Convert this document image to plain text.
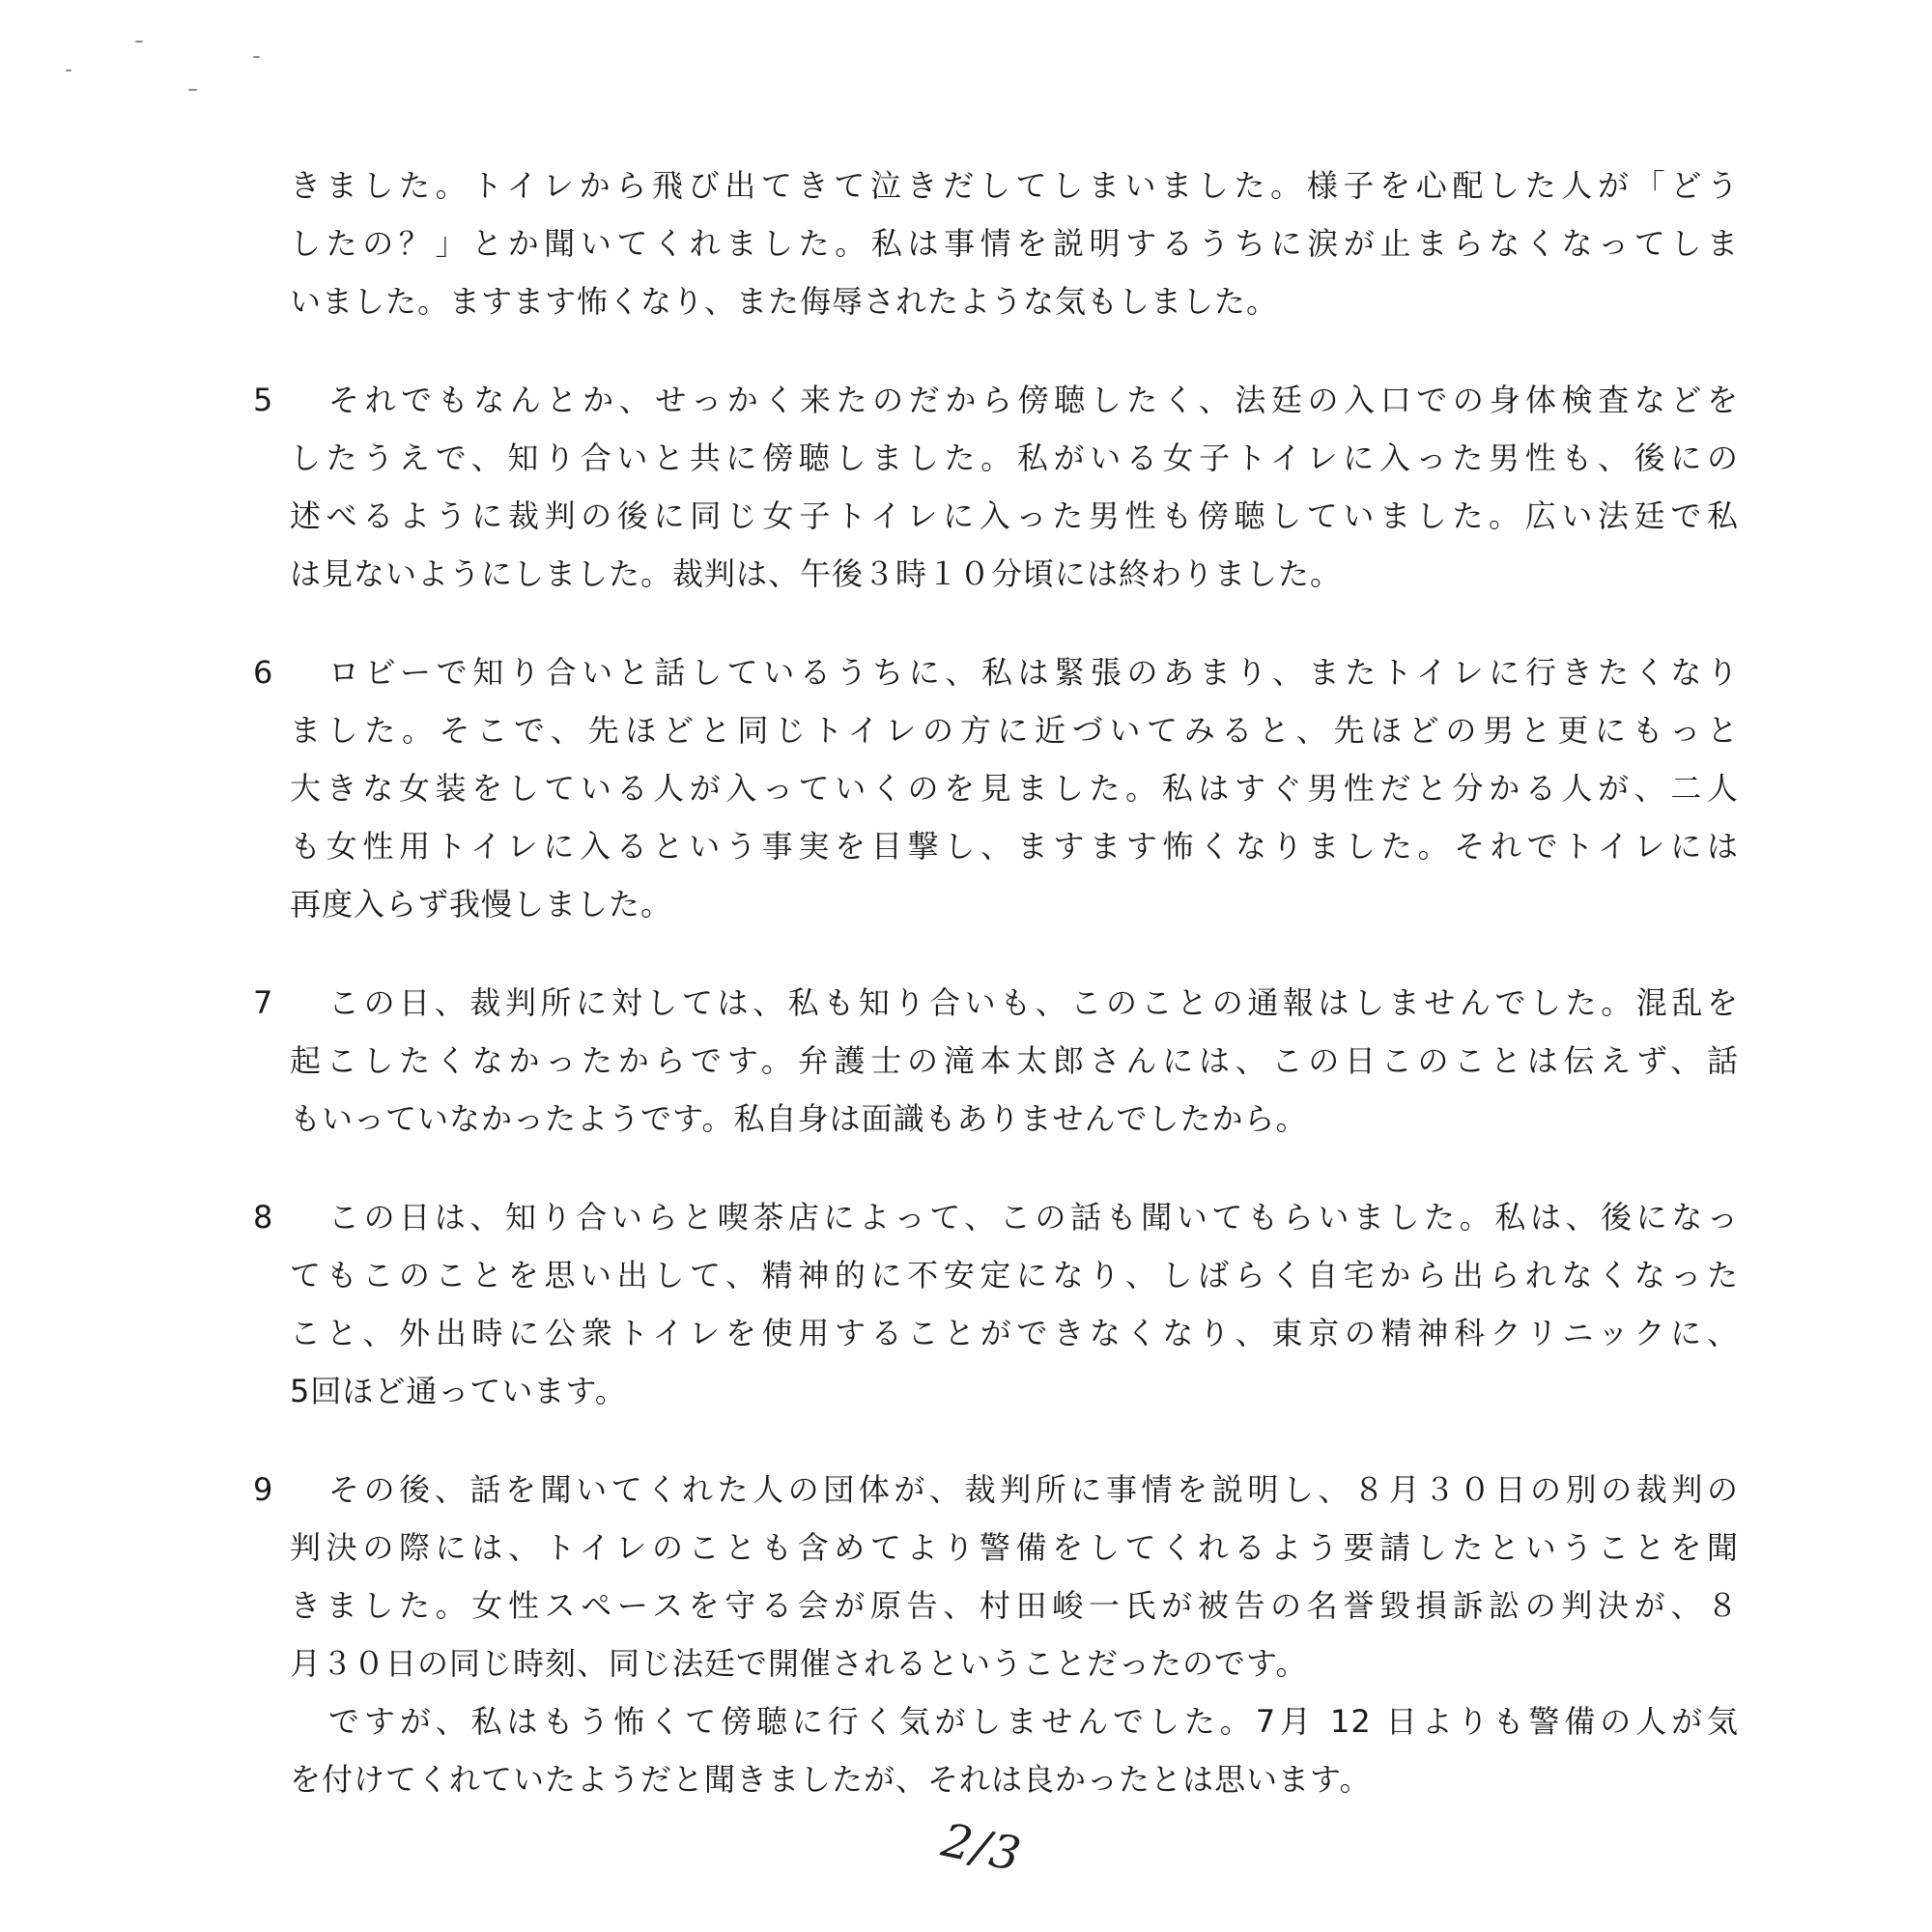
きました。トイレから飛び出てきて泣きだしてしまいました。様子を心配した人が「どう
したの？」とか聞いてくれました。私は事情を説明するうちに涙が止まらなくなってしま
いました。ますます怖くなり、また侮辱されたような気もしました。
5	それでもなんとか、せっかく来たのだから傍聴したく、法廷の入口での身体検査などを
したうえで、知り合いと共に傍聴しました。私がいる女子トイレに入った男性も、後にの
述べるように裁判の後に同じ女子トイレに入った男性も傍聴していました。広い法廷で私
は見ないようにしました。裁判は、午後３時１０分頃には終わりました。
6	ロビーで知り合いと話しているうちに、私は緊張のあまり、またトイレに行きたくなり
ました。そこで、先ほどと同じトイレの方に近づいてみると、先ほどの男と更にもっと
大きな女装をしている人が入っていくのを見ました。私はすぐ男性だと分かる人が、二人
も女性用トイレに入るという事実を目撃し、ますます怖くなりました。それでトイレには
再度入らず我慢しました。
7	この日、裁判所に対しては、私も知り合いも、このことの通報はしませんでした。混乱を
起こしたくなかったからです。弁護士の滝本太郎さんには、この日このことは伝えず、話
もいっていなかったようです。私自身は面識もありませんでしたから。
8	この日は、知り合いらと喫茶店によって、この話も聞いてもらいました。私は、後になっ
てもこのことを思い出して、精神的に不安定になり、しばらく自宅から出られなくなった
こと、外出時に公衆トイレを使用することができなくなり、東京の精神科クリニックに、
5回ほど通っています。
9	その後、話を聞いてくれた人の団体が、裁判所に事情を説明し、８月３０日の別の裁判の
判決の際には、トイレのことも含めてより警備をしてくれるよう要請したということを聞
きました。女性スペースを守る会が原告、村田峻一氏が被告の名誉毀損訴訟の判決が、８
月３０日の同じ時刻、同じ法廷で開催されるということだったのです。
ですが、私はもう怖くて傍聴に行く気がしませんでした。7月 12 日よりも警備の人が気
を付けてくれていたようだと聞きましたが、それは良かったとは思います。
2/3
